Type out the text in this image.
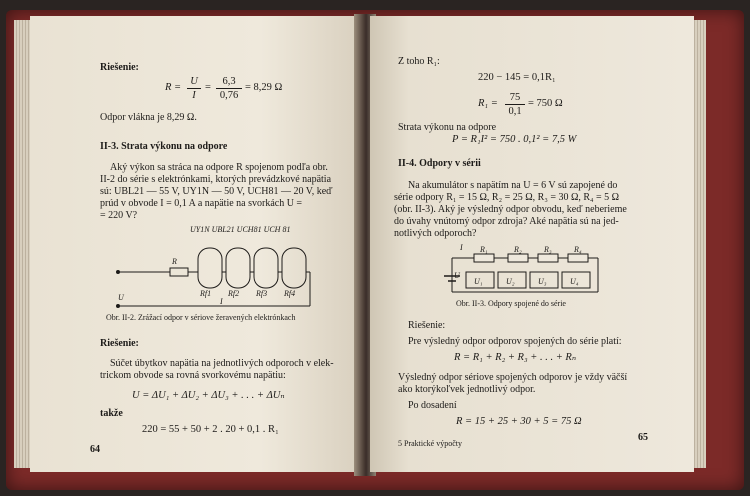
Riešenie:
R =
U
I
=
6,3
0,76
= 8,29 Ω
Odpor vlákna je 8,29 Ω.
II-3. Strata výkonu na odpore
Aký výkon sa stráca na odpore R spojenom podľa obr.
II-2 do série s elektrónkami, ktorých prevádzkové napätia
sú: UBL21 — 55 V, UY1N — 50 V, UCH81 — 20 V, keď
prúd v obvode I = 0,1 A a napätie na svorkách U =
= 220 V?
UY1N UBL21 UCH81 UCH 81
R
Rf1 Rf2 Rf3 Rf4
U	I
Obr. II-2. Zrážací odpor v sériove žeravených elektrónkach
Riešenie:
Súčet úbytkov napätia na jednotlivých odporoch v elek-
trickom obvode sa rovná svorkovému napätiu:
U = ΔU₁ + ΔU₂ + ΔU₃ + . . . + ΔUₙ
takže
220 = 55 + 50 + 2 . 20 + 0,1 . R₁
64
Z toho R₁:
220 − 145 = 0,1R₁
R₁ =
75
0,1
= 750 Ω
Strata výkonu na odpore
P = R₁I² = 750 . 0,1² = 7,5 W
II-4. Odpory v sérii
Na akumulátor s napätím na U = 6 V sú zapojené do
série odpory R₁ = 15 Ω, R₂ = 25 Ω, R₃ = 30 Ω, R₄ = 5 Ω
(obr. II-3). Aký je výsledný odpor obvodu, keď neberieme
do úvahy vnútorný odpor zdroja? Aké napätia sú na jed-
notlivých odporoch?
R₁	R₂	R₃	R₄
U₁	U₂	U₃	U₄
I
U
Obr. II-3. Odpory spojené do série
Riešenie:
Pre výsledný odpor odporov spojených do série platí:
R = R₁ + R₂ + R₃ + . . . + Rₙ
Výsledný odpor sériove spojených odporov je vždy väčší
ako ktorýkoľvek jednotlivý odpor.
Po dosadení
R = 15 + 25 + 30 + 5 = 75 Ω
5 Praktické výpočty
65
